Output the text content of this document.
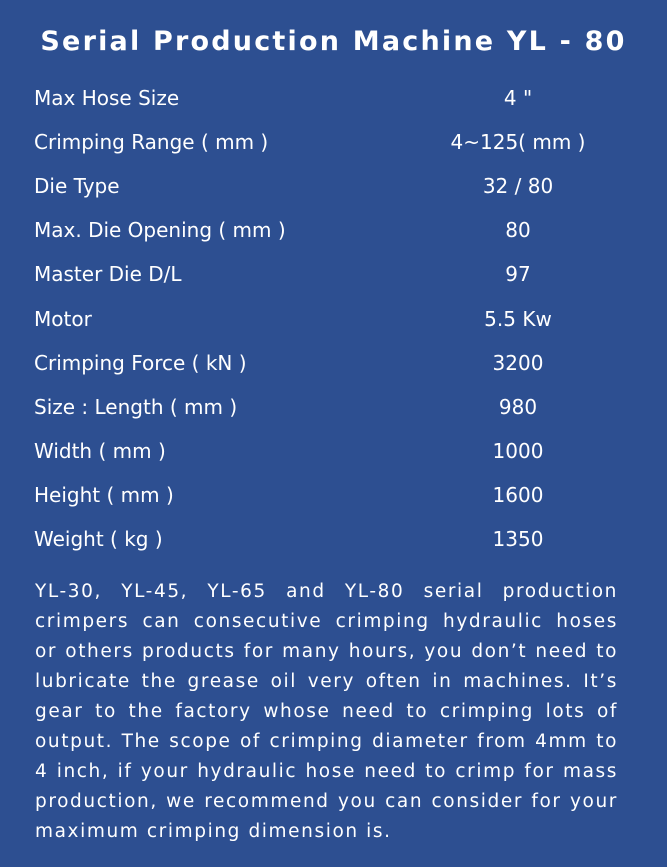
Serial Production Machine YL - 80
Max Hose Size	4 "
Crimping Range ( mm )	4~125( mm )
Die Type	32 / 80
Max. Die Opening ( mm )	80
Master Die D/L	97
Motor	5.5 Kw
Crimping Force ( kN )	3200
Size : Length ( mm )	980
Width ( mm )	1000
Height ( mm )	1600
Weight ( kg )	1350

YL-30, YL-45, YL-65 and YL-80 serial production crimpers can consecutive crimping hydraulic hoses or others products for many hours, you don’t need to lubricate the grease oil very often in machines. It’s gear to the factory whose need to crimping lots of output. The scope of crimping diameter from 4mm to 4 inch, if your hydraulic hose need to crimp for mass production, we recommend you can consider for your maximum crimping dimension is.
